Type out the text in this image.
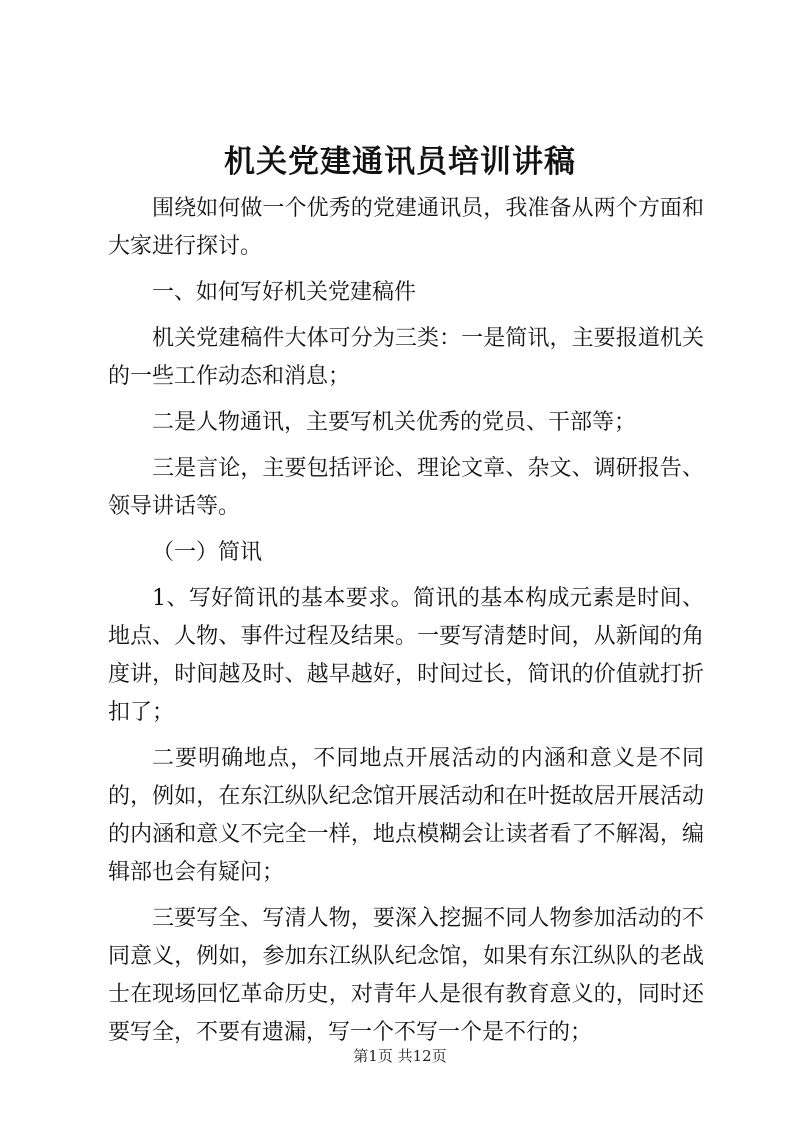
机关党建通讯员培训讲稿

围绕如何做一个优秀的党建通讯员，我准备从两个方面和大家进行探讨。

一、如何写好机关党建稿件

机关党建稿件大体可分为三类：一是简讯，主要报道机关的一些工作动态和消息；

二是人物通讯，主要写机关优秀的党员、干部等；

三是言论，主要包括评论、理论文章、杂文、调研报告、领导讲话等。

（一）简讯

1、写好简讯的基本要求。简讯的基本构成元素是时间、地点、人物、事件过程及结果。一要写清楚时间，从新闻的角度讲，时间越及时、越早越好，时间过长，简讯的价值就打折扣了；

二要明确地点，不同地点开展活动的内涵和意义是不同的，例如，在东江纵队纪念馆开展活动和在叶挺故居开展活动的内涵和意义不完全一样，地点模糊会让读者看了不解渴，编辑部也会有疑问；

三要写全、写清人物，要深入挖掘不同人物参加活动的不同意义，例如，参加东江纵队纪念馆，如果有东江纵队的老战士在现场回忆革命历史，对青年人是很有教育意义的，同时还要写全，不要有遗漏，写一个不写一个是不行的；

第1页 共12页
